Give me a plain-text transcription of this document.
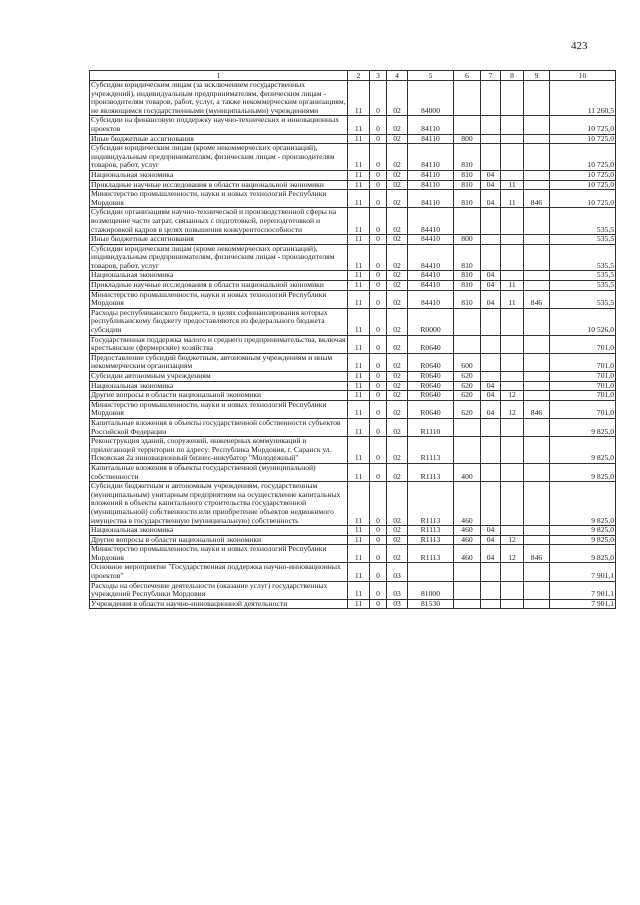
423
1	2	3	4	5	6	7	8	9	10
Субсидии юридическим лицам (за исключением государственных учреждений), индивидуальным предпринимателям, физическим лицам - производителям товаров, работ, услуг, а также некоммерческим организациям, не являющимся государственными (муниципальными) учреждениями	11	0	02	84000					11 260,5
Субсидии на финансовую поддержку научно-технических и инновационных проектов	11	0	02	84110					10 725,0
Иные бюджетные ассигнования	11	0	02	84110	800				10 725,0
Субсидии юридическим лицам (кроме некоммерческих организаций), индивидуальным предпринимателям, физическим лицам - производителям товаров, работ, услуг	11	0	02	84110	810				10 725,0
Национальная экономика	11	0	02	84110	810	04			10 725,0
Прикладные научные исследования в области национальной экономики	11	0	02	84110	810	04	11		10 725,0
Министерство промышленности, науки и новых технологий Республики Мордовия	11	0	02	84110	810	04	11	846	10 725,0
Субсидии организациям научно-технической и производственной сферы на возмещение части затрат, связанных с подготовкой, переподготовкой и стажировкой кадров в целях повышения конкурентоспособности	11	0	02	84410					535,5
Иные бюджетные ассигнования	11	0	02	84410	800				535,5
Субсидии юридическим лицам (кроме некоммерческих организаций), индивидуальным предпринимателям, физическим лицам - производителям товаров, работ, услуг	11	0	02	84410	810				535,5
Национальная экономика	11	0	02	84410	810	04			535,5
Прикладные научные исследования в области национальной экономики	11	0	02	84410	810	04	11		535,5
Министерство промышленности, науки и новых технологий Республики Мордовия	11	0	02	84410	810	04	11	846	535,5
Расходы республиканского бюджета, в целях софинансирования которых республиканскому бюджету предоставляются из федерального бюджета субсидии	11	0	02	R0000					10 526,0
Государственная поддержка малого и среднего предпринимательства, включая крестьянские (фермерские) хозяйства	11	0	02	R0640					701,0
Предоставление субсидий бюджетным, автономным учреждениям и иным некоммерческим организациям	11	0	02	R0640	600				701,0
Субсидии автономным учреждениям	11	0	02	R0640	620				701,0
Национальная экономика	11	0	02	R0640	620	04			701,0
Другие вопросы в области национальной экономики	11	0	02	R0640	620	04	12		701,0
Министерство промышленности, науки и новых технологий Республики Мордовия	11	0	02	R0640	620	04	12	846	701,0
Капитальные вложения в объекты государственной собственности субъектов Российской Федерации	11	0	02	R1110					9 825,0
Реконструкция зданий, сооружений, инженерных коммуникаций и прилегающей территории по адресу: Республика Мордовия, г. Саранск ул. Псковская 2а инновационный бизнес-инкубатор "Молодежный"	11	0	02	R1113					9 825,0
Капитальные вложения в объекты государственной (муниципальной) собственности	11	0	02	R1113	400				9 825,0
Субсидии бюджетным и автономным учреждениям, государственным (муниципальным) унитарным предприятиям на осуществление капитальных вложений в объекты капитального строительства государственной (муниципальной) собственности или приобретение объектов недвижимого имущества в государственную (муниципальную) собственность	11	0	02	R1113	460				9 825,0
Национальная экономика	11	0	02	R1113	460	04			9 825,0
Другие вопросы в области национальной экономики	11	0	02	R1113	460	04	12		9 825,0
Министерство промышленности, науки и новых технологий Республики Мордовия	11	0	02	R1113	460	04	12	846	9 825,0
Основное мероприятие "Государственная поддержка научно-инновационных проектов"	11	0	03						7 901,1
Расходы на обеспечение деятельности (оказание услуг) государственных учреждений Республики Мордовия	11	0	03	81000					7 901,1
Учреждения в области научно-инновационной деятельности	11	0	03	81530					7 901,1
